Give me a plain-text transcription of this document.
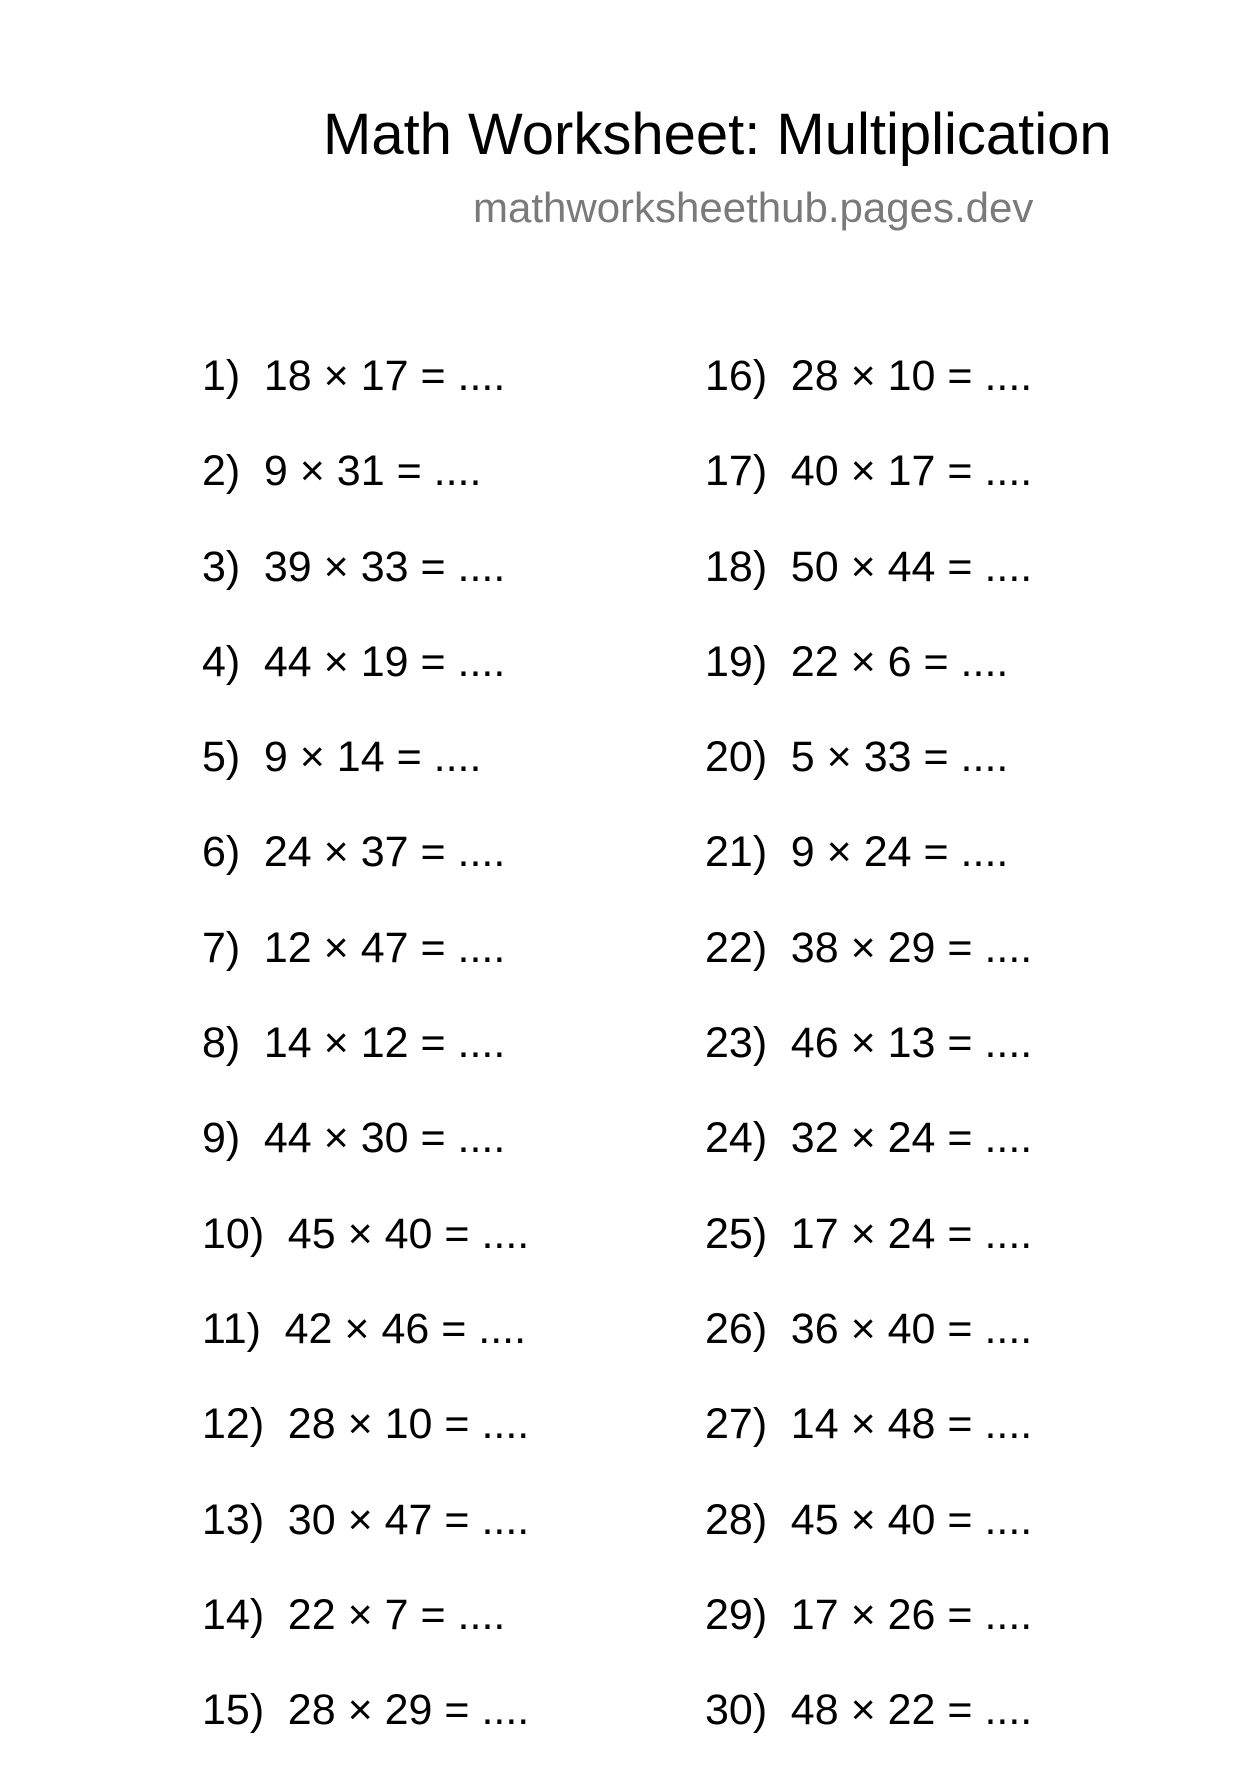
Math Worksheet: Multiplication
mathworksheethub.pages.dev
1) 18 × 17 = ....
2) 9 × 31 = ....
3) 39 × 33 = ....
4) 44 × 19 = ....
5) 9 × 14 = ....
6) 24 × 37 = ....
7) 12 × 47 = ....
8) 14 × 12 = ....
9) 44 × 30 = ....
10) 45 × 40 = ....
11) 42 × 46 = ....
12) 28 × 10 = ....
13) 30 × 47 = ....
14) 22 × 7 = ....
15) 28 × 29 = ....
16) 28 × 10 = ....
17) 40 × 17 = ....
18) 50 × 44 = ....
19) 22 × 6 = ....
20) 5 × 33 = ....
21) 9 × 24 = ....
22) 38 × 29 = ....
23) 46 × 13 = ....
24) 32 × 24 = ....
25) 17 × 24 = ....
26) 36 × 40 = ....
27) 14 × 48 = ....
28) 45 × 40 = ....
29) 17 × 26 = ....
30) 48 × 22 = ....
